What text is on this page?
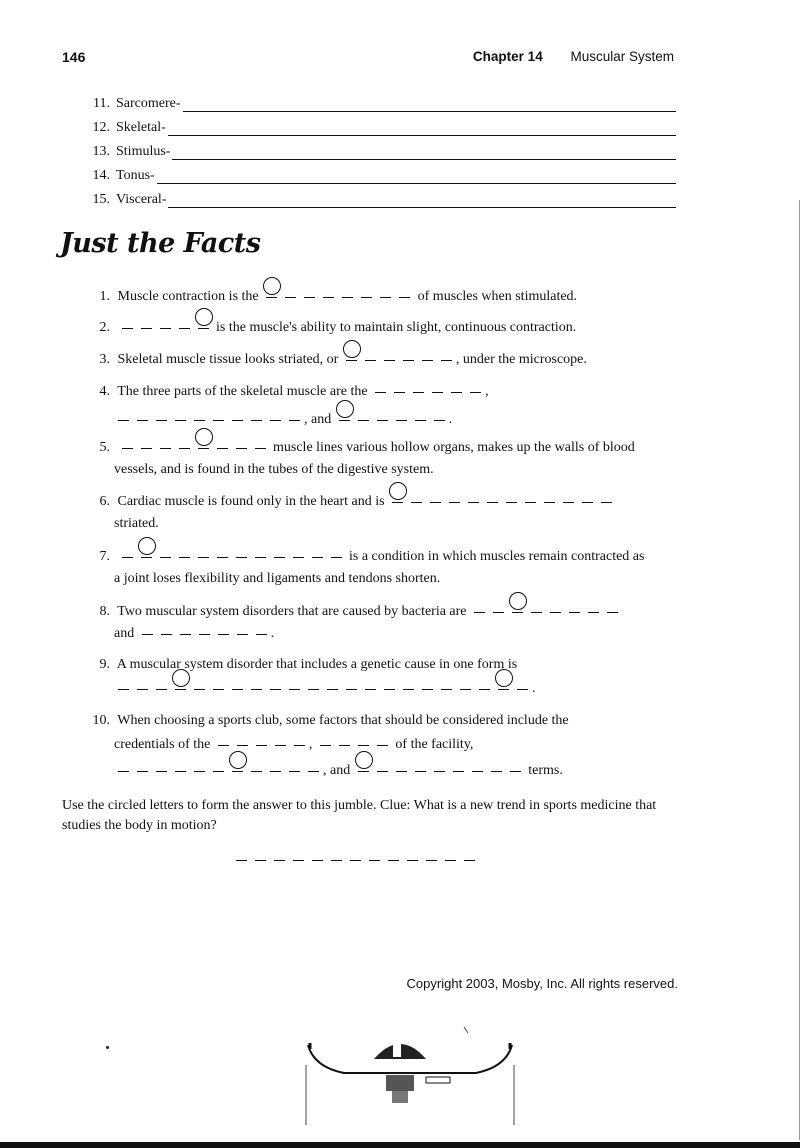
146	Chapter 14 Muscular System
11. Sarcomere-
12. Skeletal-
13. Stimulus-
14. Tonus-
15. Visceral-
Just the Facts
1. Muscle contraction is the	of muscles when stimulated.
2.	is the muscle's ability to maintain slight, continuous contraction.
3. Skeletal muscle tissue looks striated, or	, under the microscope.
4. The three parts of the skeletal muscle are the	,
, and	.
5.	muscle lines various hollow organs, makes up the walls of blood
vessels, and is found in the tubes of the digestive system.
6. Cardiac muscle is found only in the heart and is
striated.
7.	is a condition in which muscles remain contracted as
a joint loses flexibility and ligaments and tendons shorten.
8. Two muscular system disorders that are caused by bacteria are
and	.
9. A muscular system disorder that includes a genetic cause in one form is
.
10. When choosing a sports club, some factors that should be considered include the
credentials of the	,	of the facility,
, and	terms.
Use the circled letters to form the answer to this jumble. Clue: What is a new trend in sports medicine that studies the body in motion?
Copyright 2003, Mosby, Inc. All rights reserved.
